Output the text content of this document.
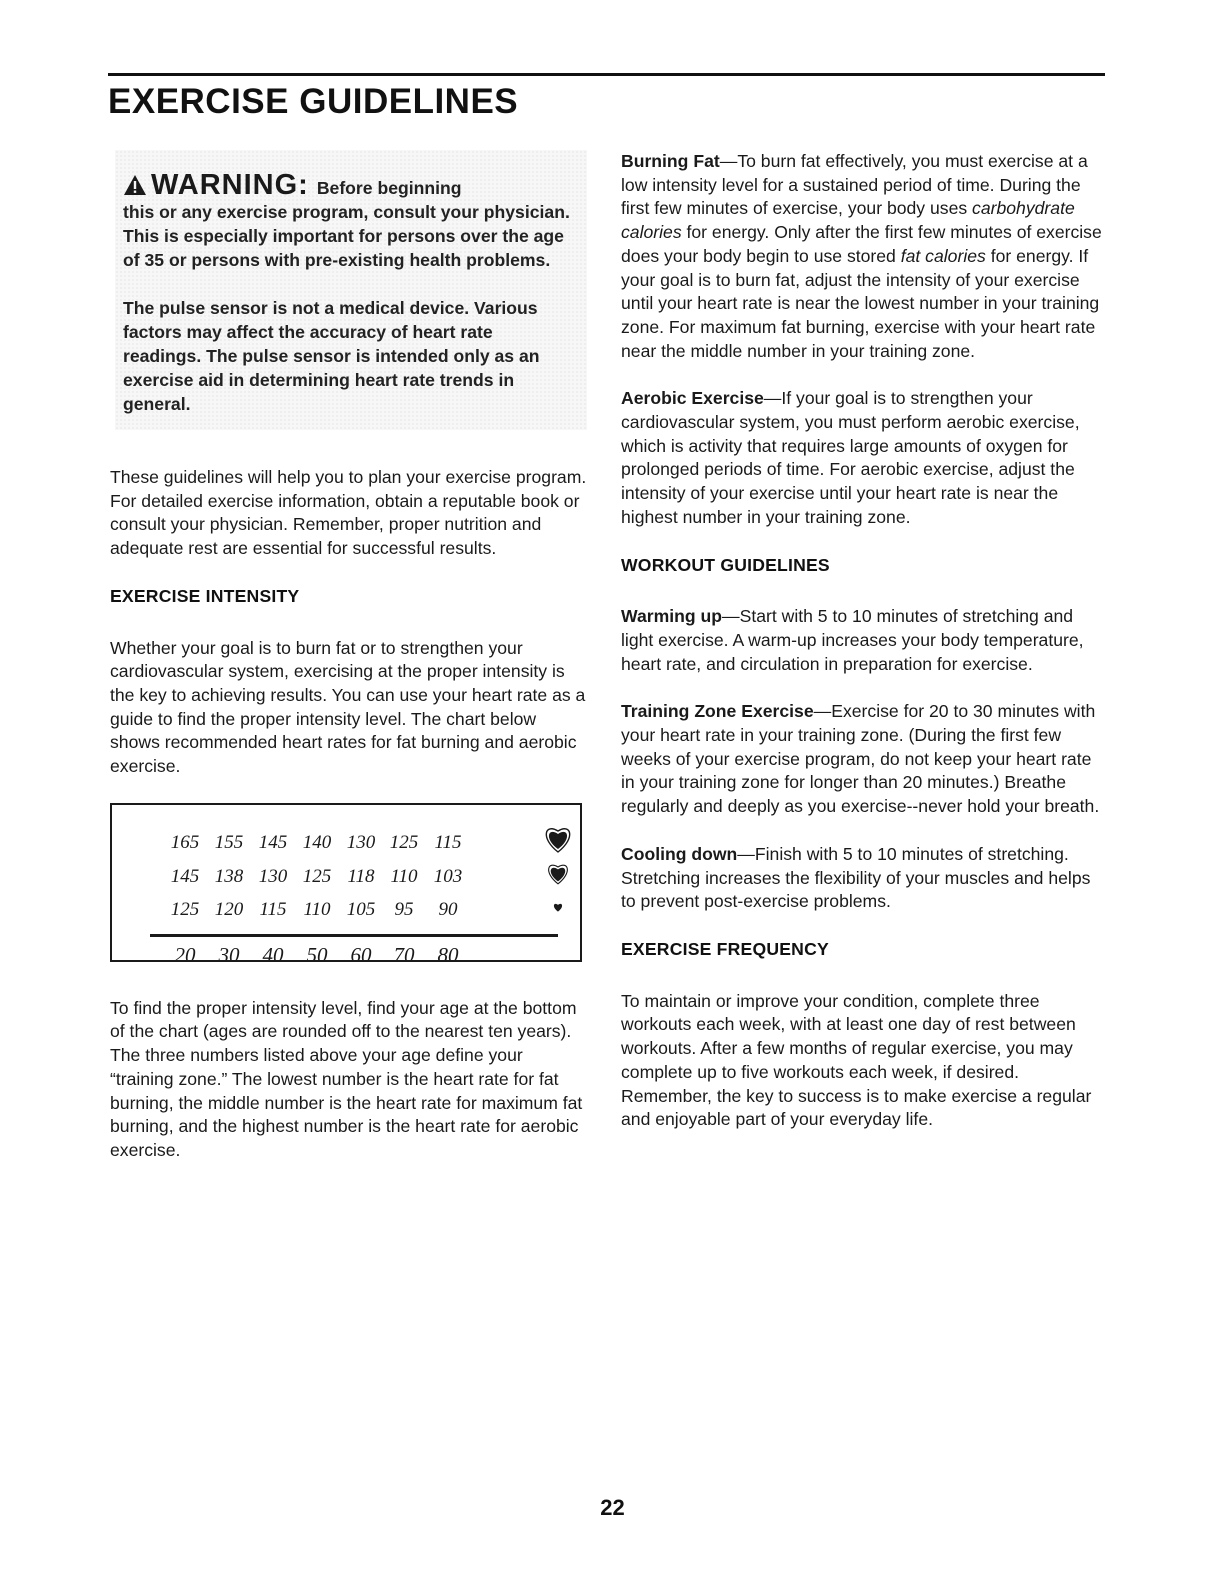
EXERCISE GUIDELINES

WARNING: Before beginning
this or any exercise program, consult your physician. This is especially important for persons over the age of 35 or persons with pre-existing health problems.

The pulse sensor is not a medical device. Various factors may affect the accuracy of heart rate readings. The pulse sensor is intended only as an exercise aid in determining heart rate trends in general.

These guidelines will help you to plan your exercise program. For detailed exercise information, obtain a reputable book or consult your physician. Remember, proper nutrition and adequate rest are essential for successful results.

EXERCISE INTENSITY

Whether your goal is to burn fat or to strengthen your cardiovascular system, exercising at the proper intensity is the key to achieving results. You can use your heart rate as a guide to find the proper intensity level. The chart below shows recommended heart rates for fat burning and aerobic exercise.

165 155 145 140 130 125 115
145 138 130 125 118 110 103
125 120 115 110 105 95 90
20 30 40 50 60 70 80

To find the proper intensity level, find your age at the bottom of the chart (ages are rounded off to the nearest ten years). The three numbers listed above your age define your “training zone.” The lowest number is the heart rate for fat burning, the middle number is the heart rate for maximum fat burning, and the highest number is the heart rate for aerobic exercise.

Burning Fat—To burn fat effectively, you must exercise at a low intensity level for a sustained period of time. During the first few minutes of exercise, your body uses carbohydrate calories for energy. Only after the first few minutes of exercise does your body begin to use stored fat calories for energy. If your goal is to burn fat, adjust the intensity of your exercise until your heart rate is near the lowest number in your training zone. For maximum fat burning, exercise with your heart rate near the middle number in your training zone.

Aerobic Exercise—If your goal is to strengthen your cardiovascular system, you must perform aerobic exercise, which is activity that requires large amounts of oxygen for prolonged periods of time. For aerobic exercise, adjust the intensity of your exercise until your heart rate is near the highest number in your training zone.

WORKOUT GUIDELINES

Warming up—Start with 5 to 10 minutes of stretching and light exercise. A warm-up increases your body temperature, heart rate, and circulation in preparation for exercise.

Training Zone Exercise—Exercise for 20 to 30 minutes with your heart rate in your training zone. (During the first few weeks of your exercise program, do not keep your heart rate in your training zone for longer than 20 minutes.) Breathe regularly and deeply as you exercise--never hold your breath.

Cooling down—Finish with 5 to 10 minutes of stretching. Stretching increases the flexibility of your muscles and helps to prevent post-exercise problems.

EXERCISE FREQUENCY

To maintain or improve your condition, complete three workouts each week, with at least one day of rest between workouts. After a few months of regular exercise, you may complete up to five workouts each week, if desired. Remember, the key to success is to make exercise a regular and enjoyable part of your everyday life.

22
